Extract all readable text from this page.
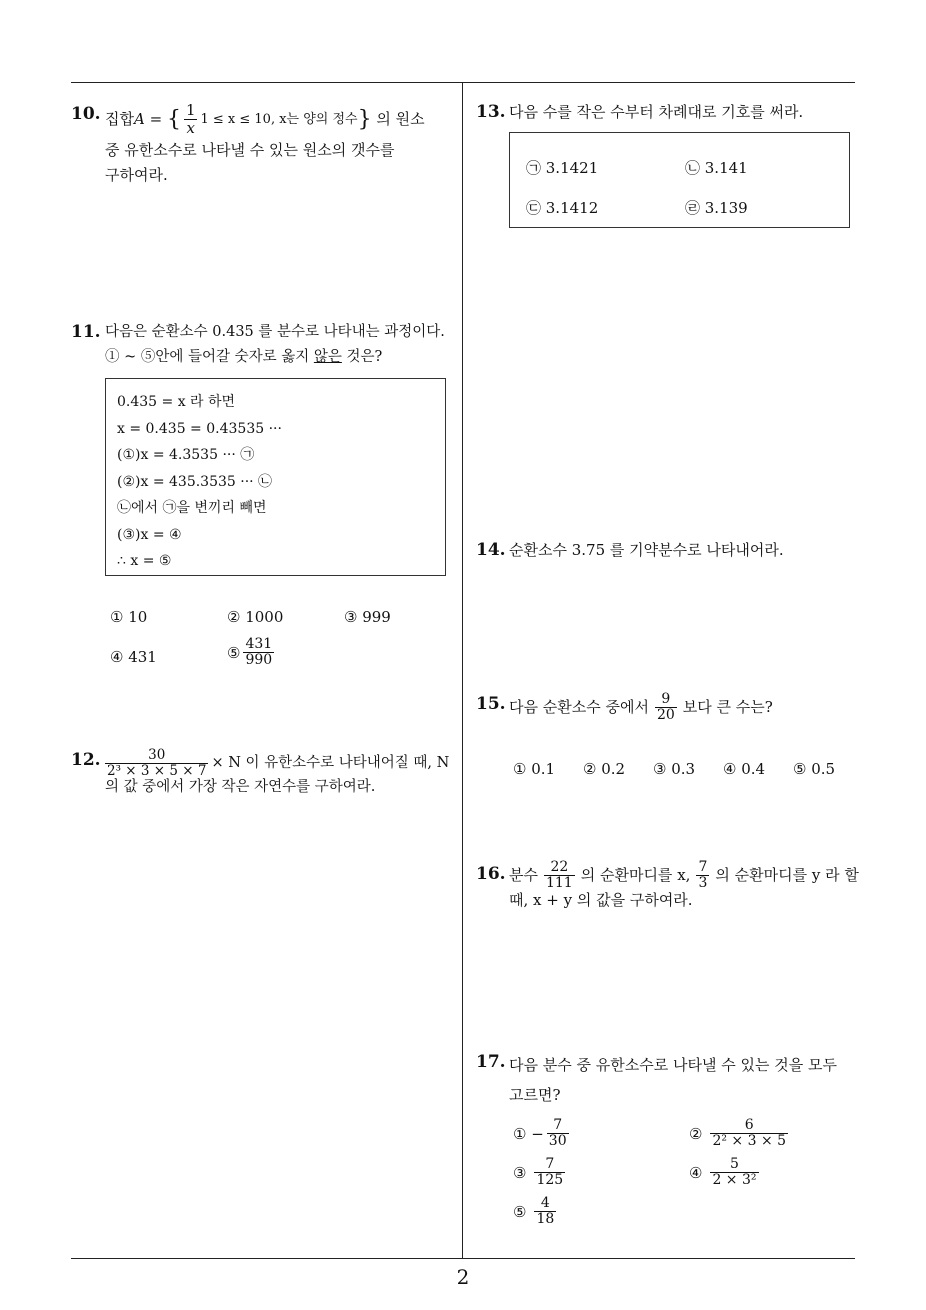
10. 집합 A = { $\frac{1}{x} 1 \le x \le 10$, x는 양의 정수 }
의 원소
중 유한소수로 나타낼 수 있는 원소의 갯수를
구하여라.
11. 다음은 순환소수 0.435 를 분수로 나타내는 과정이다.
① ~ ⑤안에 들어갈 숫자로 옳지 않은 것은?
0.435 = x 라 하면
x = 0.435 = 0.43535 ···
(①)x = 4.3535 ··· ㉠
(②)x = 435.3535 ··· ㉡
㉡에서 ㉠을 변끼리 빼면
(③)x = ④
∴ x = ⑤
① 10	② 1000	③ 999
④ 431	⑤ $\frac{431}{990}$
12. $\frac{30}{\text{2³ × 3 × 5 × 7}} \times N$ 이 유한소수로 나타내어질 때, N
의 값 중에서 가장 작은 자연수를 구하여라.
13. 다음 수를 작은 수부터 차례대로 기호를 써라.
㉠ 3.1421	㉡ 3.141
㉢ 3.1412	㉣ 3.139
14. 순환소수 3.75 를 기약분수로 나타내어라.
15. 다음 순환소수 중에서 $\frac{9}{20}$ 보다 큰 수는?
① 0.1 ② 0.2 ③ 0.3 ④ 0.4 ⑤ 0.5
16. 분수 $\frac{22}{111}$ 의 순환마디를 x, $\frac{7}{3}$ 의 순환마디를 y 라 할
때, x + y 의 값을 구하여라.
17. 다음 분수 중 유한소수로 나타낼 수 있는 것을 모두
고르면?
① − $\frac{7}{30}$	② $\frac{6}{\text{2² × 3 × 5}}$
③ $\frac{7}{125}$	④ $\frac{5}{\text{2 × 3²}}$
⑤ $\frac{4}{18}$
2
